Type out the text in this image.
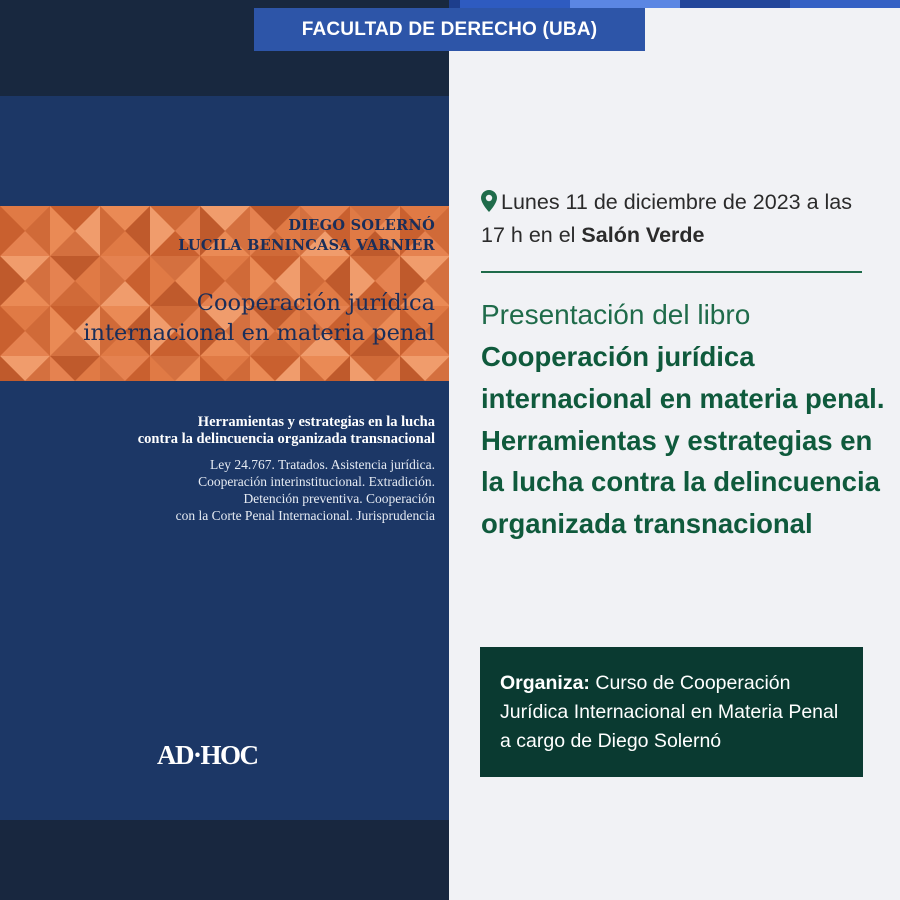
DIEGO SOLERNÓ
LUCILA BENINCASA VARNIER
Cooperación jurídica
internacional en materia penal
Herramientas y estrategias en la lucha
contra la delincuencia organizada transnacional
Ley 24.767. Tratados. Asistencia jurídica.
Cooperación interinstitucional. Extradición.
Detención preventiva. Cooperación
con la Corte Penal Internacional. Jurisprudencia
AD·HOC
FACULTAD DE DERECHO (UBA)
Lunes 11 de diciembre de 2023 a las 17 h en el Salón Verde
Presentación del libro
Cooperación jurídica internacional en materia penal. Herramientas y estrategias en la lucha contra la delincuencia organizada transnacional
Organiza: Curso de Cooperación Jurídica Internacional en Materia Penal a cargo de Diego Solernó
